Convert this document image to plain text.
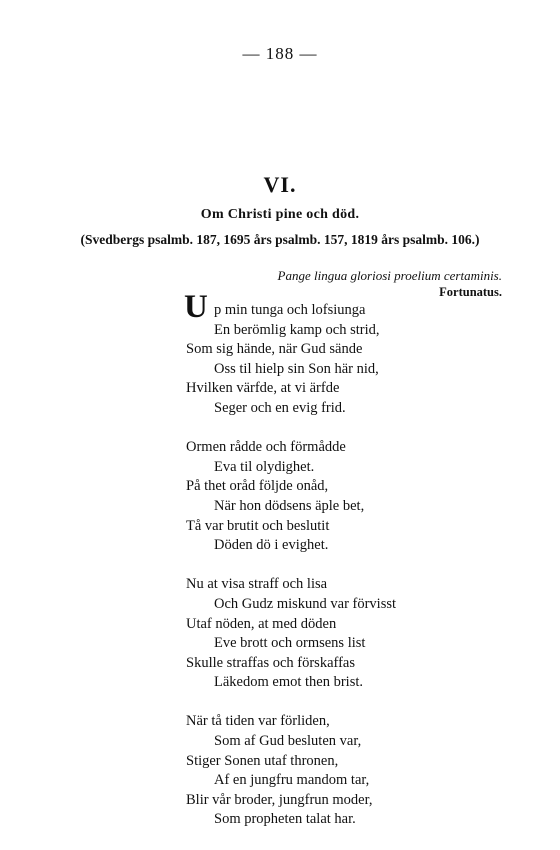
— 188 —
VI.
Om Christi pine och död.
(Svedbergs psalmb. 187, 1695 års psalmb. 157, 1819 års psalmb. 106.)
Pange lingua gloriosi proelium certaminis.
Fortunatus.
U p min tunga och lofsiunga
En berömlig kamp och strid,
Som sig hände, när Gud sände
Oss til hielp sin Son här nid,
Hvilken värfde, at vi ärfde
Seger och en evig frid.
Ormen rådde och förmådde
Eva til olydighet.
På thet oråd följde onåd,
När hon dödsens äple bet,
Tå var brutit och beslutit
Döden dö i evighet.
Nu at visa straff och lisa
Och Gudz miskund var förvisst
Utaf nöden, at med döden
Eve brott och ormsens list
Skulle straffas och förskaffas
Läkedom emot then brist.
När tå tiden var förliden,
Som af Gud besluten var,
Stiger Sonen utaf thronen,
Af en jungfru mandom tar,
Blir vår broder, jungfrun moder,
Som propheten talat har.
